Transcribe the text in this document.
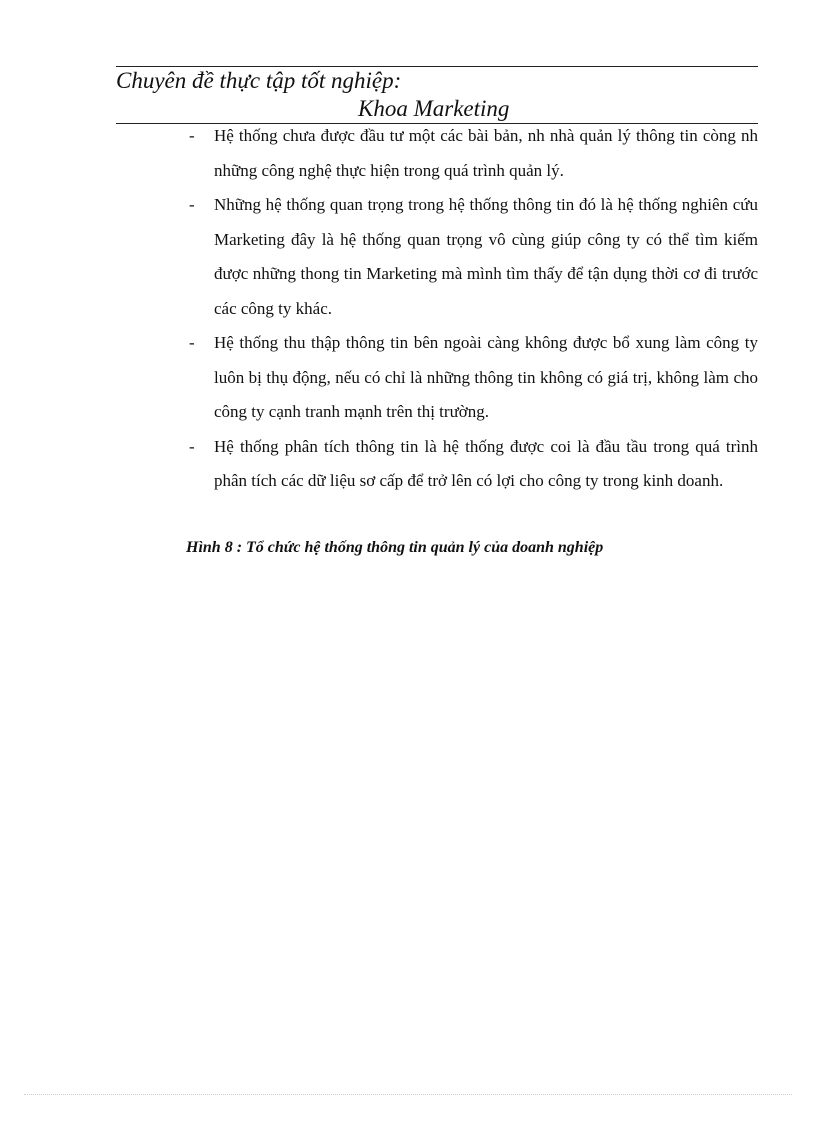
Chuyên đề thực tập tốt nghiệp:
Khoa Marketing
-	Hệ thống chưa được đầu tư một các bài bản, nh nhà quản lý thông tin còng nh những công nghệ thực hiện trong quá trình quản lý.
-	Những hệ thống quan trọng trong hệ thống thông tin đó là hệ thống nghiên cứu Marketing đây là hệ thống quan trọng vô cùng giúp công ty có thể tìm kiếm được những thong tin Marketing mà mình tìm thấy để tận dụng thời cơ đi trước các công ty khác.
-	Hệ thống thu thập thông tin bên ngoài càng không được bổ xung làm công ty luôn bị thụ động, nếu có chỉ là những thông tin không có giá trị, không làm cho công ty cạnh tranh mạnh trên thị trường.
-	Hệ thống phân tích thông tin là hệ thống được coi là đầu tầu trong quá trình phân tích các dữ liệu sơ cấp để trở lên có lợi cho công ty trong kinh doanh.
Hình 8 : Tổ chức hệ thống thông tin quản lý của doanh nghiệp
